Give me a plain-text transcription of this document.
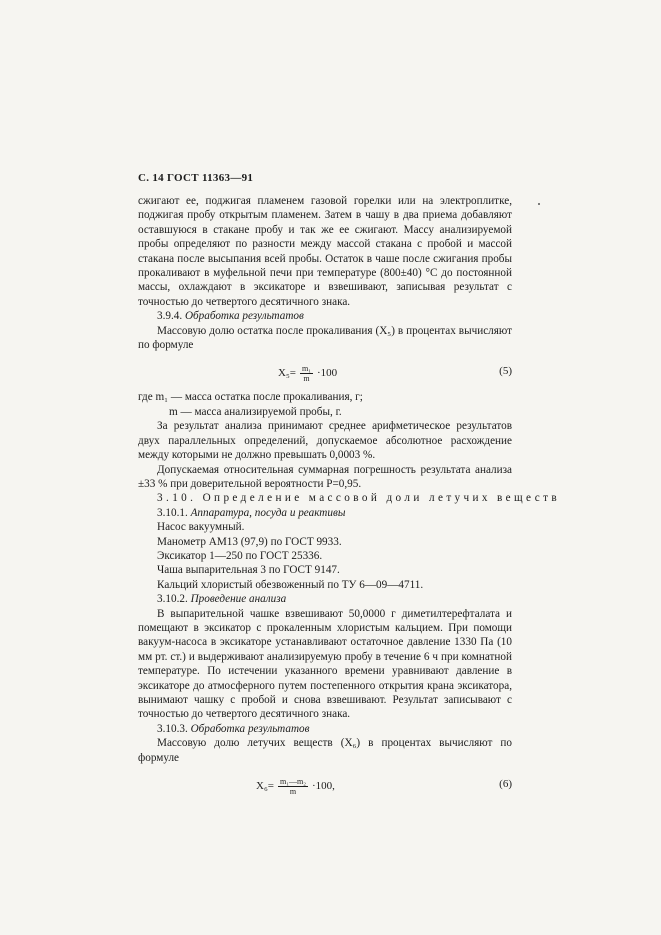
С. 14 ГОСТ 11363—91

сжигают ее, поджигая пламенем газовой горелки или на электроплитке, поджигая пробу открытым пламенем. Затем в чашу в два приема добавляют оставшуюся в стакане пробу и так же ее сжигают. Массу анализируемой пробы определяют по разности между массой стакана с пробой и массой стакана после высыпания всей пробы. Остаток в чаше после сжигания пробы прокаливают в муфельной печи при температуре (800±40) °С до постоянной массы, охлаждают в эксикаторе и взвешивают, записывая результат с точностью до четвертого десятичного знака.

3.9.4. Обработка результатов

Массовую долю остатка после прокаливания (X₅) в процентах вычисляют по формуле

$X_5= \frac{\text{m₁}}{m} \cdot 100$	(5)

где m₁ — масса остатка после прокаливания, г;

m — масса анализируемой пробы, г.

За результат анализа принимают среднее арифметическое результатов двух параллельных определений, допускаемое абсолютное расхождение между которыми не должно превышать 0,0003 %.

Допускаемая относительная суммарная погрешность результата анализа ±33 % при доверительной вероятности P=0,95.

3.10. Определение массовой доли летучих веществ

3.10.1. Аппаратура, посуда и реактивы

Насос вакуумный.

Манометр АМ13 (97,9) по ГОСТ 9933.

Эксикатор 1—250 по ГОСТ 25336.

Чаша выпарительная 3 по ГОСТ 9147.

Кальций хлористый обезвоженный по ТУ 6—09—4711.

3.10.2. Проведение анализа

В выпарительной чашке взвешивают 50,0000 г диметилтерефталата и помещают в эксикатор с прокаленным хлористым кальцием. При помощи вакуум-насоса в эксикаторе устанавливают остаточное давление 1330 Па (10 мм рт. ст.) и выдерживают анализируемую пробу в течение 6 ч при комнатной температуре. По истечении указанного времени уравнивают давление в эксикаторе до атмосферного путем постепенного открытия крана эксикатора, вынимают чашку с пробой и снова взвешивают. Результат записывают с точностью до четвертого десятичного знака.

3.10.3. Обработка результатов

Массовую долю летучих веществ (X₆) в процентах вычисляют по формуле

$X_6= \frac{\text{m₁—m₂}}{m} \cdot 100$,	(6)
